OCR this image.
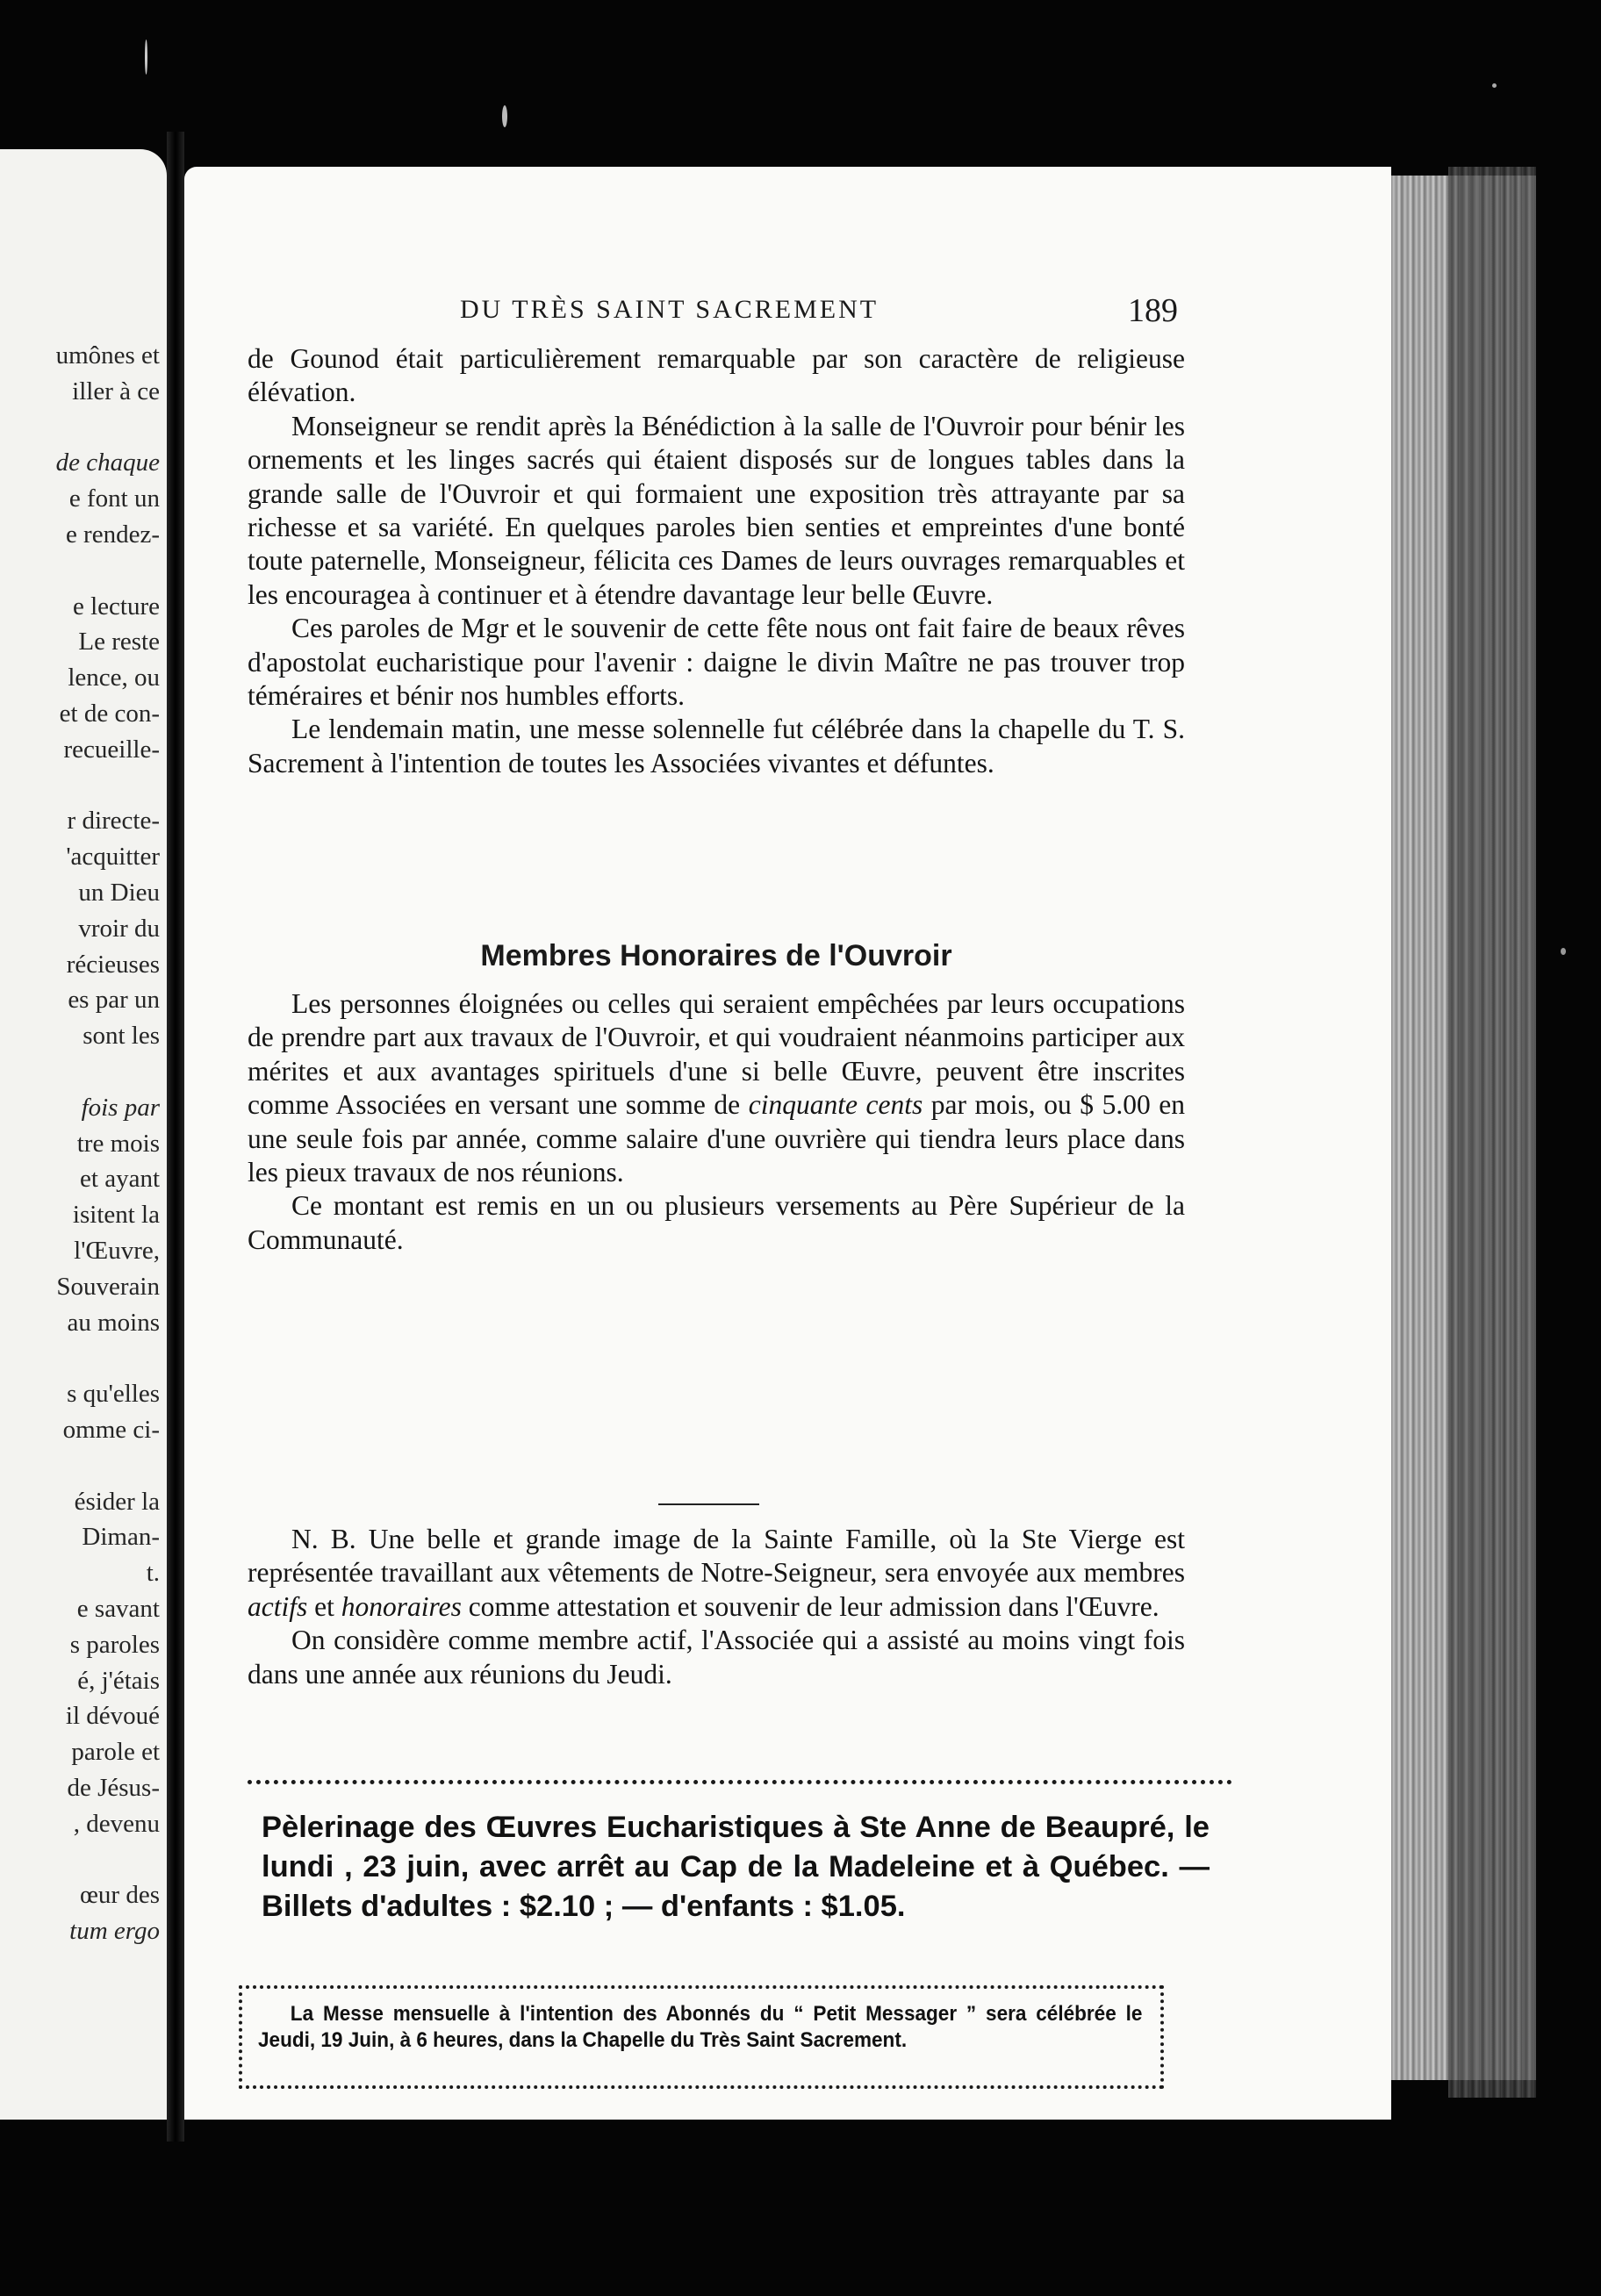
umônes et
iller à ce
de chaque
e font un
e rendez-
e lecture
Le reste
lence, ou
et de con-
recueille-
r directe-
'acquitter
un Dieu
vroir du
récieuses
es par un
sont les
fois par
tre mois
et ayant
isitent la
l'Œuvre,
Souverain
au moins
s qu'elles
omme ci-
ésider la
Diman-
t.
e savant
s paroles
é, j'étais
il dévoué
parole et
de Jésus-
, devenu
œur des
tum ergo
DU TRÈS SAINT SACREMENT	189

de Gounod était particulièrement remarquable par son caractère de religieuse élévation.

Monseigneur se rendit après la Bénédiction à la salle de l'Ouvroir pour bénir les ornements et les linges sacrés qui étaient disposés sur de longues tables dans la grande salle de l'Ouvroir et qui formaient une exposition très attrayante par sa richesse et sa variété. En quelques paroles bien senties et empreintes d'une bonté toute paternelle, Monseigneur, félicita ces Dames de leurs ouvrages remarquables et les encouragea à continuer et à étendre davantage leur belle Œuvre.

Ces paroles de Mgr et le souvenir de cette fête nous ont fait faire de beaux rêves d'apostolat eucharistique pour l'avenir : daigne le divin Maître ne pas trouver trop téméraires et bénir nos humbles efforts.

Le lendemain matin, une messe solennelle fut célébrée dans la chapelle du T. S. Sacrement à l'intention de toutes les Associées vivantes et défuntes.

Membres Honoraires de l'Ouvroir

Les personnes éloignées ou celles qui seraient empêchées par leurs occupations de prendre part aux travaux de l'Ouvroir, et qui voudraient néanmoins participer aux mérites et aux avantages spirituels d'une si belle Œuvre, peuvent être inscrites comme Associées en versant une somme de cinquante cents par mois, ou $ 5.00 en une seule fois par année, comme salaire d'une ouvrière qui tiendra leurs place dans les pieux travaux de nos réunions.

Ce montant est remis en un ou plusieurs versements au Père Supérieur de la Communauté.

N. B. Une belle et grande image de la Sainte Famille, où la Ste Vierge est représentée travaillant aux vêtements de Notre-Seigneur, sera envoyée aux membres actifs et honoraires comme attestation et souvenir de leur admission dans l'Œuvre.

On considère comme membre actif, l'Associée qui a assisté au moins vingt fois dans une année aux réunions du Jeudi.

Pèlerinage des Œuvres Eucharistiques à Ste Anne de Beaupré, le lundi , 23 juin, avec arrêt au Cap de la Madeleine et à Québec. — Billets d'adultes : $2.10 ; — d'enfants : $1.05.
La Messe mensuelle à l'intention des Abonnés du “ Petit Messager ” sera célébrée le Jeudi, 19 Juin, à 6 heures, dans la Chapelle du Très Saint Sacrement.
